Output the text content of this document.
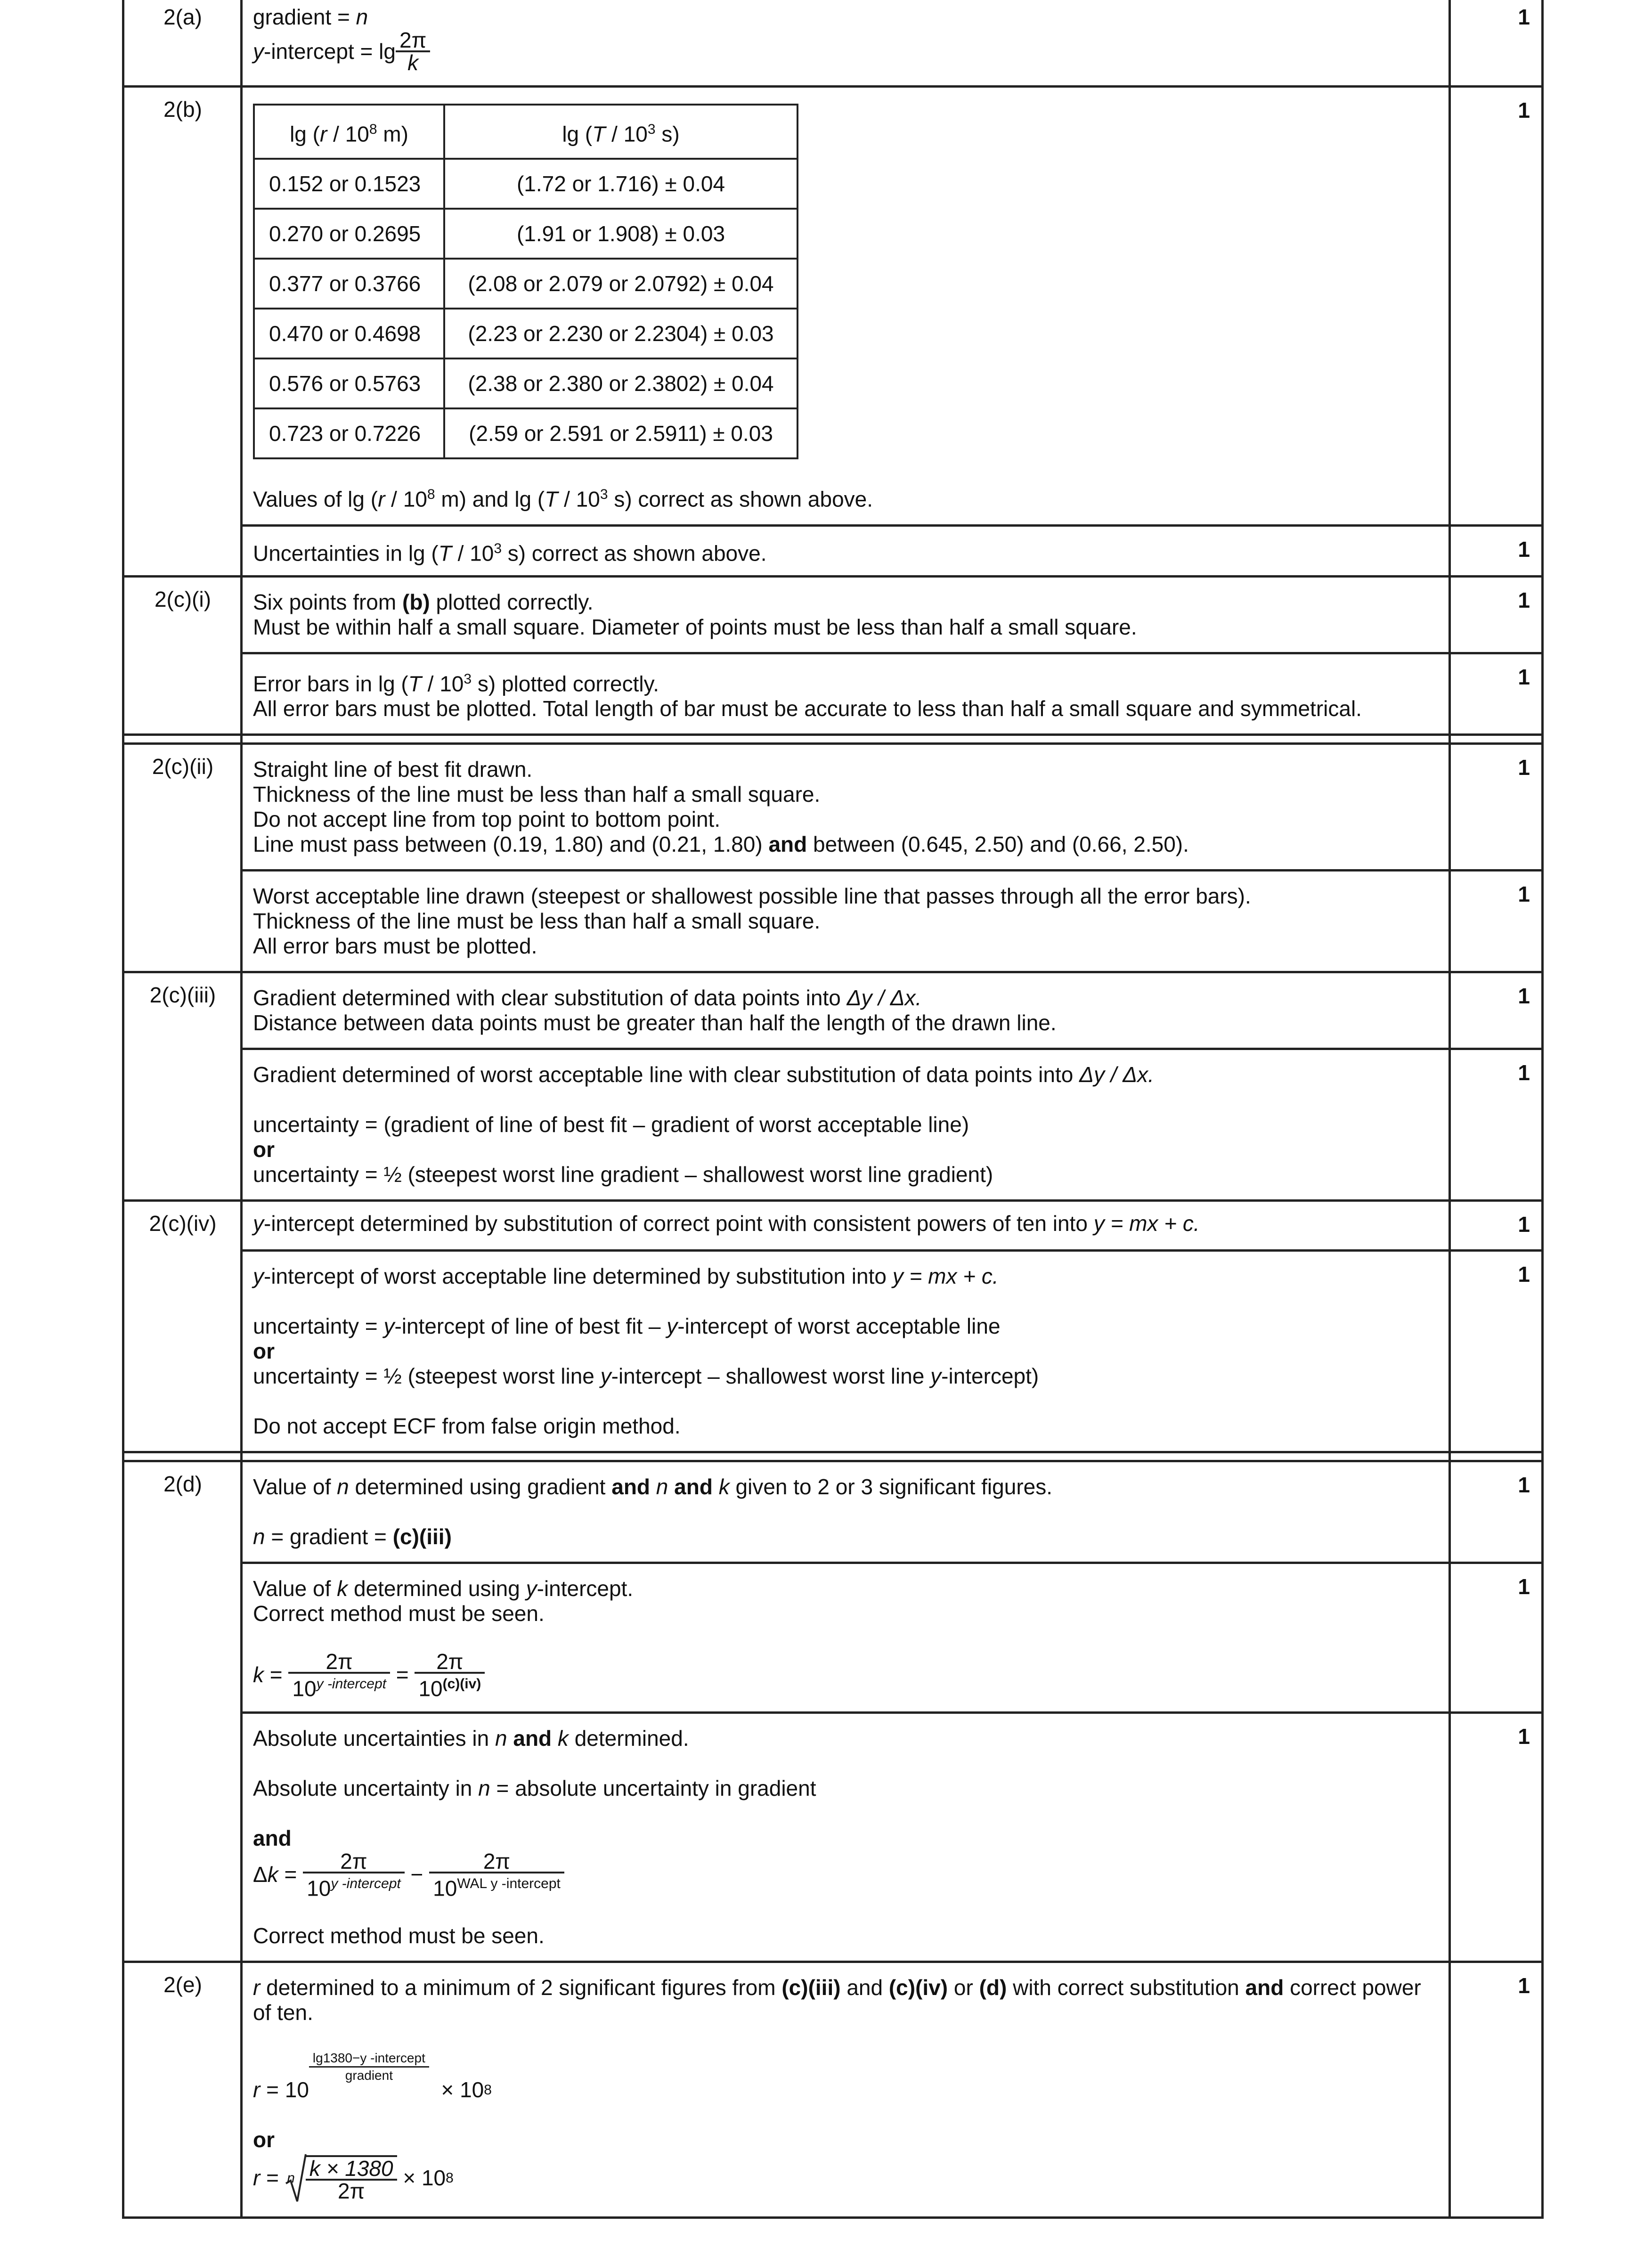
2(a)	gradient = n

y -intercept = $\lg \frac{2\pi}{k}$
	1
2(b)	
$\lg (r / 10^8$ m)	$\lg (T / 10^3$ s)
0.152 or 0.1523	(1.72 or 1.716) ± 0.04
0.270 or 0.2695	(1.91 or 1.908) ± 0.03
0.377 or 0.3766	(2.08 or 2.079 or 2.0792) ± 0.04
0.470 or 0.4698	(2.23 or 2.230 or 2.2304) ± 0.03
0.576 or 0.5763	(2.38 or 2.380 or 2.3802) ± 0.04
0.723 or 0.7226	(2.59 or 2.591 or 2.5911) ± 0.03

Values of $\lg (r / 10^8$ m) and $\lg (T / 10^3$ s) correct as shown above.

	1

Uncertainties in $\lg (T / 10^3$ s) correct as shown above.	1
2(c)(i)	Six points from (b) plotted correctly.

Must be within half a small square. Diameter of points must be less than half a small square.

	1

Error bars in $\lg (T / 10^3$ s) plotted correctly.

All error bars must be plotted. Total length of bar must be accurate to less than half a small square and symmetrical.

	1

2(c)(ii)	Straight line of best fit drawn.

Thickness of the line must be less than half a small square.

Do not accept line from top point to bottom point.

Line must pass between (0.19, 1.80) and (0.21, 1.80) and between (0.645, 2.50) and (0.66, 2.50).

	1

Worst acceptable line drawn (steepest or shallowest possible line that passes through all the error bars).

Thickness of the line must be less than half a small square.

All error bars must be plotted.

	1
2(c)(iii)	Gradient determined with clear substitution of data points into Δy / Δx.

Distance between data points must be greater than half the length of the drawn line.

	1

Gradient determined of worst acceptable line with clear substitution of data points into Δy / Δx.

uncertainty = (gradient of line of best fit – gradient of worst acceptable line)

or

uncertainty = ½ (steepest worst line gradient – shallowest worst line gradient)

	1
2(c)(iv)	y-intercept determined by substitution of correct point with consistent powers of ten into y = mx + c.	1

y-intercept of worst acceptable line determined by substitution into y = mx + c.

uncertainty = y-intercept of line of best fit – y-intercept of worst acceptable line

or

uncertainty = ½ (steepest worst line y-intercept – shallowest worst line y-intercept)

Do not accept ECF from false origin method.

	1

2(d)	Value of n determined using gradient and n and k given to 2 or 3 significant figures.

n = gradient = (c)(iii)

	1

Value of k determined using y-intercept.

Correct method must be seen.

$k = \frac{2\pi}{10^{y -intercept}} = \frac{2\pi}{10^{(c)(iv)}}$
	1

Absolute uncertainties in n and k determined.

Absolute uncertainty in n = absolute uncertainty in gradient

and

Δ $k = \frac{2\pi}{10^{y -intercept}} - \frac{2\pi}{10^{WAL y -intercept}}$

Correct method must be seen.

	1
2(e)	r determined to a minimum of 2 significant figures from (c)(iii) and (c)(iv) or (d) with correct substitution and correct power of ten.

r
= 10
$\frac{\text{lg1380−y -intercept}}{\text{gradient}}$

× 10 8

or

$r = \frac{k \times 1380}{2\pi}$
× 10 8
n
	1
